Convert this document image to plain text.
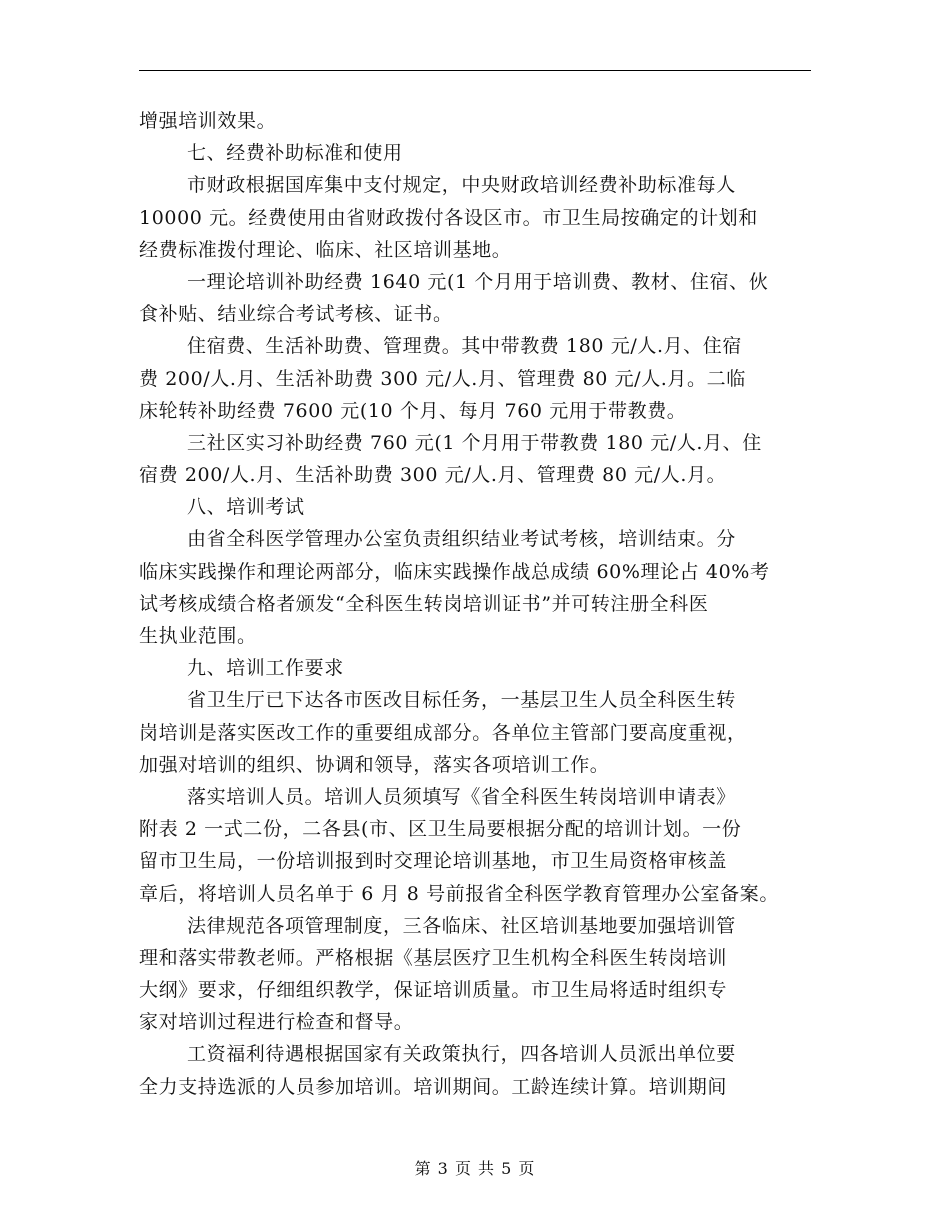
增强培训效果。
七、经费补助标准和使用
市财政根据国库集中支付规定，中央财政培训经费补助标准每人
10000 元。经费使用由省财政拨付各设区市。市卫生局按确定的计划和
经费标准拨付理论、临床、社区培训基地。
一理论培训补助经费 1640 元(1 个月用于培训费、教材、住宿、伙
食补贴、结业综合考试考核、证书。
住宿费、生活补助费、管理费。其中带教费 180 元/人.月、住宿
费 200/人.月、生活补助费 300 元/人.月、管理费 80 元/人.月。二临
床轮转补助经费 7600 元(10 个月、每月 760 元用于带教费。
三社区实习补助经费 760 元(1 个月用于带教费 180 元/人.月、住
宿费 200/人.月、生活补助费 300 元/人.月、管理费 80 元/人.月。
八、培训考试
由省全科医学管理办公室负责组织结业考试考核，培训结束。分
临床实践操作和理论两部分，临床实践操作战总成绩 60%理论占 40%考
试考核成绩合格者颁发“全科医生转岗培训证书”并可转注册全科医
生执业范围。
九、培训工作要求
省卫生厅已下达各市医改目标任务，一基层卫生人员全科医生转
岗培训是落实医改工作的重要组成部分。各单位主管部门要高度重视，
加强对培训的组织、协调和领导，落实各项培训工作。
落实培训人员。培训人员须填写《省全科医生转岗培训申请表》
附表 2 一式二份，二各县(市、区卫生局要根据分配的培训计划。一份
留市卫生局，一份培训报到时交理论培训基地，市卫生局资格审核盖
章后，将培训人员名单于 6 月 8 号前报省全科医学教育管理办公室备案。
法律规范各项管理制度，三各临床、社区培训基地要加强培训管
理和落实带教老师。严格根据《基层医疗卫生机构全科医生转岗培训
大纲》要求，仔细组织教学，保证培训质量。市卫生局将适时组织专
家对培训过程进行检查和督导。
工资福利待遇根据国家有关政策执行，四各培训人员派出单位要
全力支持选派的人员参加培训。培训期间。工龄连续计算。培训期间
第 3 页 共 5 页
